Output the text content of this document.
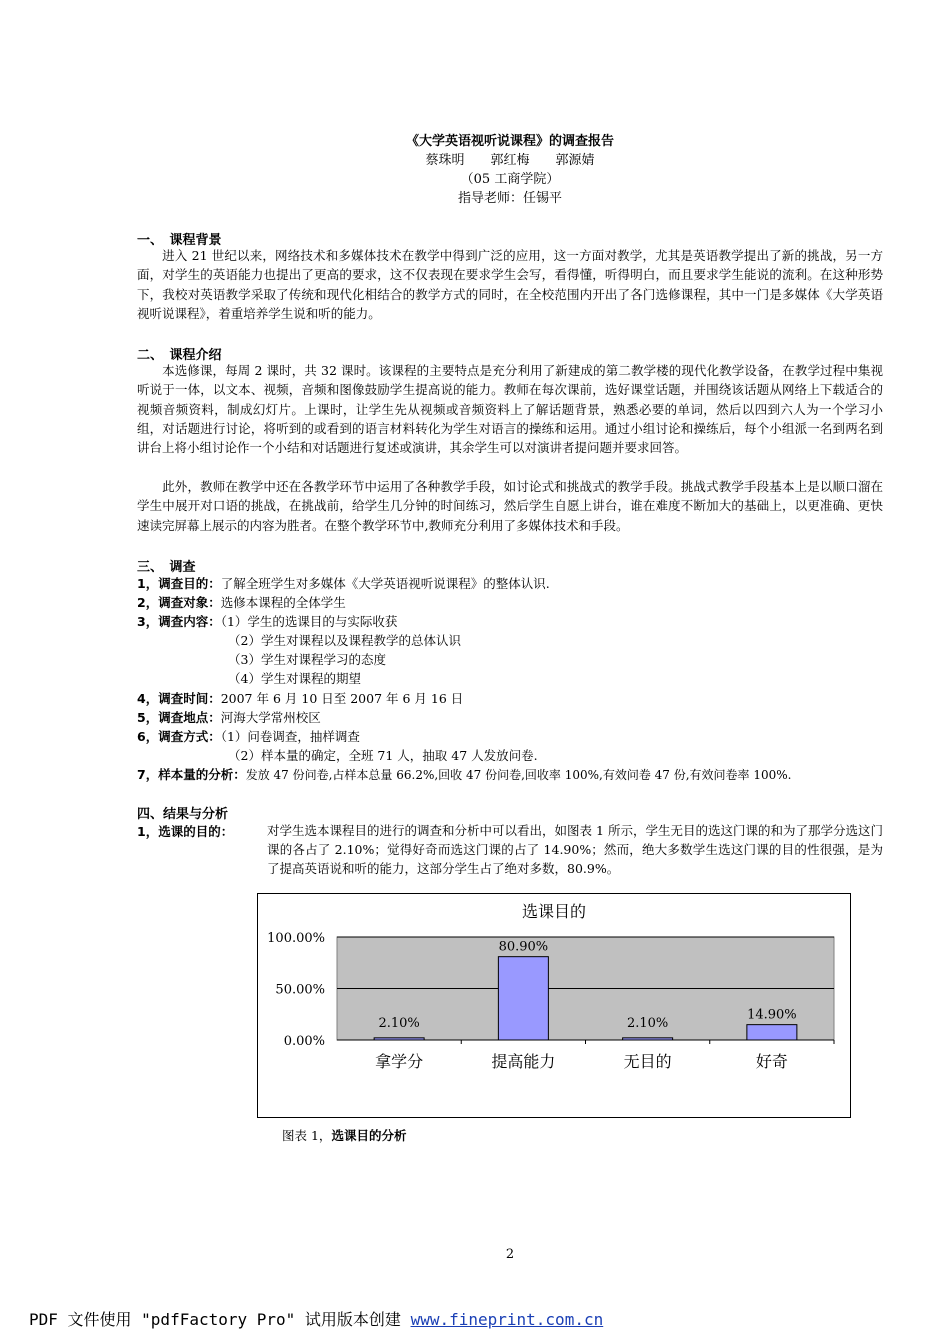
《大学英语视听说课程》的调查报告
蔡珠明　　郭红梅　　郭源婧
（05 工商学院）
指导老师：任锡平
一、　课程背景
进入 21 世纪以来，网络技术和多媒体技术在教学中得到广泛的应用，这一方面对教学，尤其是英语教学提出了新的挑战，另一方面，对学生的英语能力也提出了更高的要求，这不仅表现在要求学生会写，看得懂，听得明白，而且要求学生能说的流利。在这种形势下，我校对英语教学采取了传统和现代化相结合的教学方式的同时，在全校范围内开出了各门选修课程，其中一门是多媒体《大学英语视听说课程》，着重培养学生说和听的能力。
二、　课程介绍
本选修课，每周 2 课时，共 32 课时。该课程的主要特点是充分利用了新建成的第二教学楼的现代化教学设备，在教学过程中集视听说于一体，以文本、视频，音频和图像鼓励学生提高说的能力。教师在每次课前，选好课堂话题，并围绕该话题从网络上下载适合的视频音频资料，制成幻灯片。上课时，让学生先从视频或音频资料上了解话题背景，熟悉必要的单词，然后以四到六人为一个学习小组，对话题进行讨论，将听到的或看到的语言材料转化为学生对语言的操练和运用。通过小组讨论和操练后，每个小组派一名到两名到讲台上将小组讨论作一个小结和对话题进行复述或演讲，其余学生可以对演讲者提问题并要求回答。
此外，教师在教学中还在各教学环节中运用了各种教学手段，如讨论式和挑战式的教学手段。挑战式教学手段基本上是以顺口溜在学生中展开对口语的挑战，在挑战前，给学生几分钟的时间练习，然后学生自愿上讲台，谁在难度不断加大的基础上，以更准确、更快速读完屏幕上展示的内容为胜者。在整个教学环节中,教师充分利用了多媒体技术和手段。
三、　调查
1，调查目的：了解全班学生对多媒体《大学英语视听说课程》的整体认识.
2，调查对象：选修本课程的全体学生
3，调查内容：（1）学生的选课目的与实际收获
（2）学生对课程以及课程教学的总体认识
（3）学生对课程学习的态度
（4）学生对课程的期望
4，调查时间：2007 年 6 月 10 日至 2007 年 6 月 16 日
5，调查地点：河海大学常州校区
6，调查方式：（1）问卷调查，抽样调查
（2）样本量的确定，全班 71 人，抽取 47 人发放问卷.
7，样本量的分析：发放 47 份问卷,占样本总量 66.2%,回收 47 份问卷,回收率 100%,有效问卷 47 份,有效问卷率 100%.
四、结果与分析
1，选课的目的：	对学生选本课程目的进行的调查和分析中可以看出，如图表 1 所示，学生无目的选这门课的和为了那学分选这门课的各占了 2.10%；觉得好奇而选这门课的占了 14.90%；然而，绝大多数学生选这门课的目的性很强，是为了提高英语说和听的能力，这部分学生占了绝对多数，80.9%。
选课目的
0.00%
50.00%
100.00%
2.10%
80.90%
2.10%
14.90%
拿学分	提高能力	无目的	好奇
图表 1，选课目的分析
2
PDF 文件使用 "pdfFactory Pro" 试用版本创建 www.fineprint.com.cn
